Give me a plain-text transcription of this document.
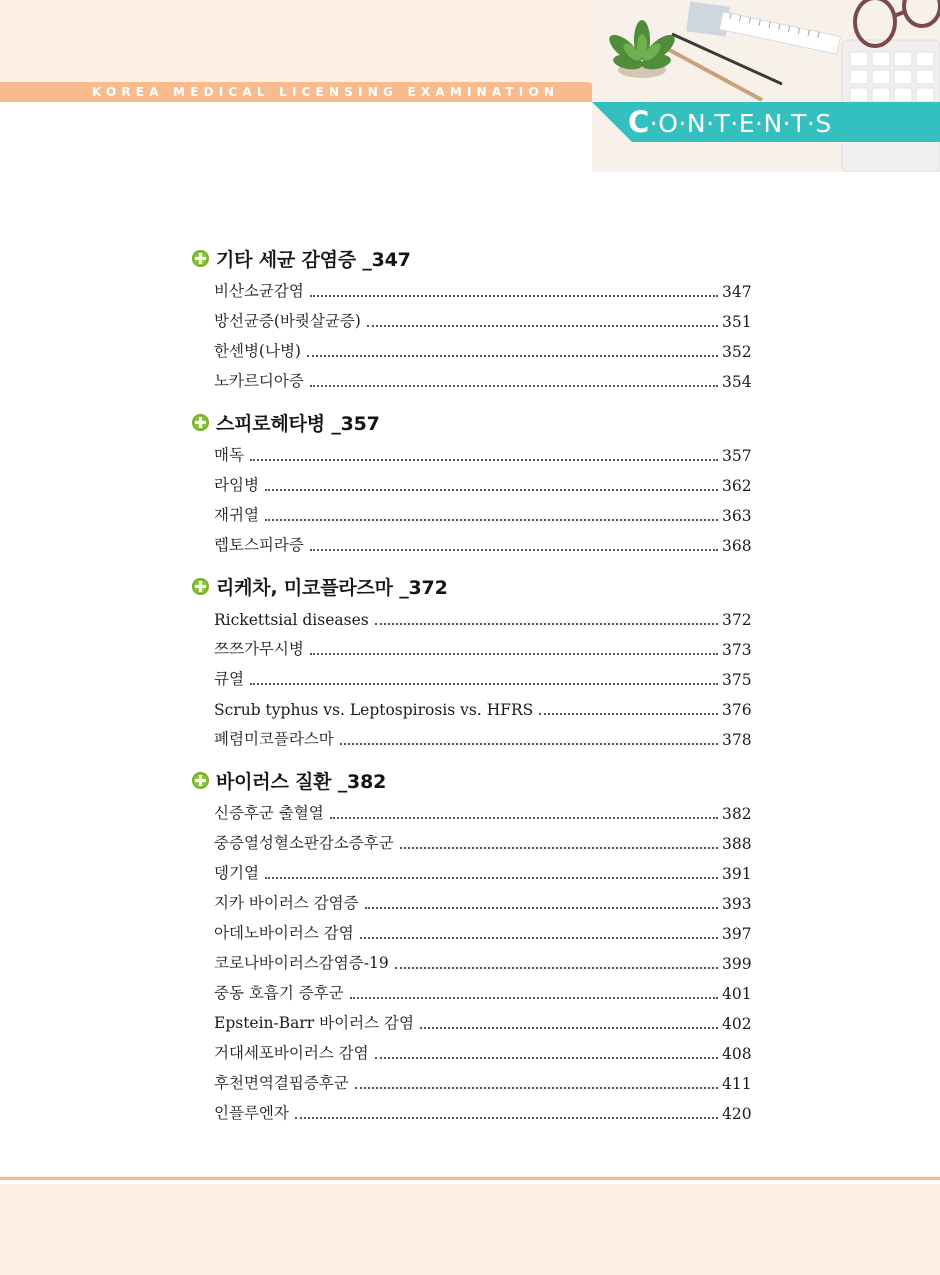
KOREA MEDICAL LICENSING EXAMINATION
C·O·N·T·E·N·T·S
기타 세균 감염증 _347
비산소균감염	347
방선균증(바퀏살균증)	351
한센병(나병)	352
노카르디아증	354
스피로헤타병 _357
매독	357
라임병	362
재귀열	363
렙토스피라증	368
리케차, 미코플라즈마 _372
Rickettsial diseases	372
쯔쯔가무시병	373
큐열	375
Scrub typhus vs. Leptospirosis vs. HFRS	376
폐렴미코플라스마	378
바이러스 질환 _382
신증후군 출혈열	382
중증열성혈소판감소증후군	388
뎅기열	391
지카 바이러스 감염증	393
아데노바이러스 감염	397
코로나바이러스감염증-19	399
중동 호흡기 증후군	401
Epstein-Barr 바이러스 감염	402
거대세포바이러스 감염	408
후천면역결핍증후군	411
인플루엔자	420
